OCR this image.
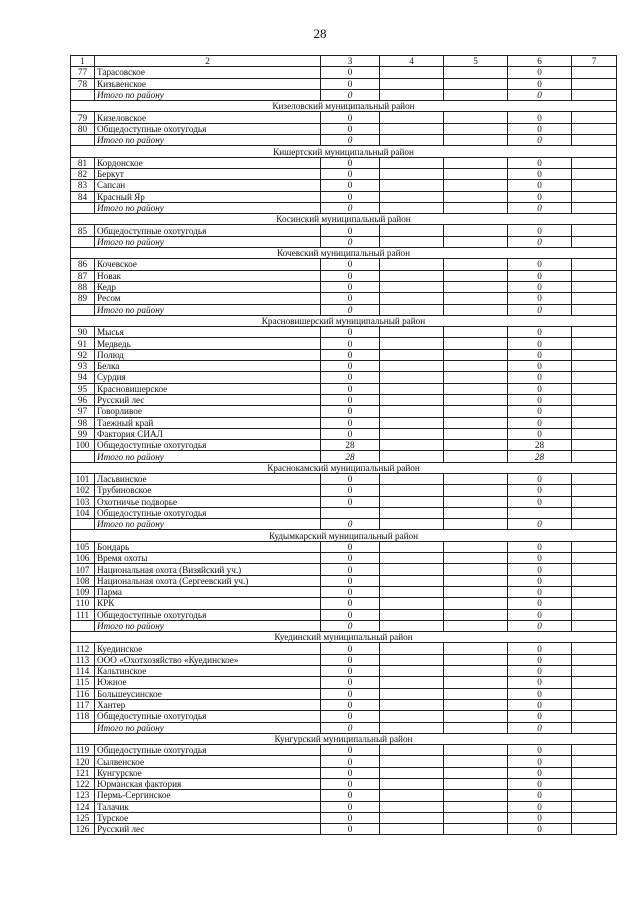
28
1	2	3	4	5	6	7
77	Тарасовское	0			0	
78	Кизьвенское	0			0	
	Итого по району	0			0	
Кизеловский муниципальный район						
79	Кизеловское	0			0	
80	Общедоступные охотугодья	0			0	
	Итого по району	0			0	
Кишертский муниципальный район						
81	Кордонское	0			0	
82	Беркут	0			0	
83	Сапсан	0			0	
84	Красный Яр	0			0	
	Итого по району	0			0	
Косинский муниципальный район						
85	Общедоступные охотугодья	0			0	
	Итого по району	0			0	
Кочевский муниципальный район						
86	Кочевское	0			0	
87	Новак	0			0	
88	Кедр	0			0	
89	Ресом	0			0	
	Итого по району	0			0	
Красновишерский муниципальный район						
90	Мысья	0			0	
91	Медведь	0			0	
92	Полюд	0			0	
93	Белка	0			0	
94	Сурдия	0			0	
95	Красновишерское	0			0	
96	Русский лес	0			0	
97	Говорливое	0			0	
98	Таежный край	0			0	
99	Фактория СИАЛ	0			0	
100	Общедоступные охотугодья	28			28	
	Итого по району	28			28	
Краснокамский муниципальный район						
101	Ласьвинское	0			0	
102	Трубиновское	0			0	
103	Охотничье подворье	0			0	
104	Общедоступные охотугодья					
	Итого по району	0			0	
Кудымкарский муниципальный район						
105	Бондарь	0			0	
106	Время охоты	0			0	
107	Национальная охота (Визяйский уч.)	0			0	
108	Национальная охота (Сергеевский уч.)	0			0	
109	Парма	0			0	
110	КРК	0			0	
111	Общедоступные охотугодья	0			0	
	Итого по району	0			0	
Куединский муниципальный район						
112	Куединское	0			0	
113	ООО «Охотхозяйство «Куединское»	0			0	
114	Кальтинское	0			0	
115	Южное	0			0	
116	Большеусинское	0			0	
117	Хантер	0			0	
118	Общедоступные охотугодья	0			0	
	Итого по району	0			0	
Кунгурский муниципальный район						
119	Общедоступные охотугодья	0			0	
120	Сылвенское	0			0	
121	Кунгурское	0			0	
122	Юрманская фактория	0			0	
123	Пермь-Сергинское	0			0	
124	Талачик	0			0	
125	Турское	0			0	
126	Русский лес	0			0	
